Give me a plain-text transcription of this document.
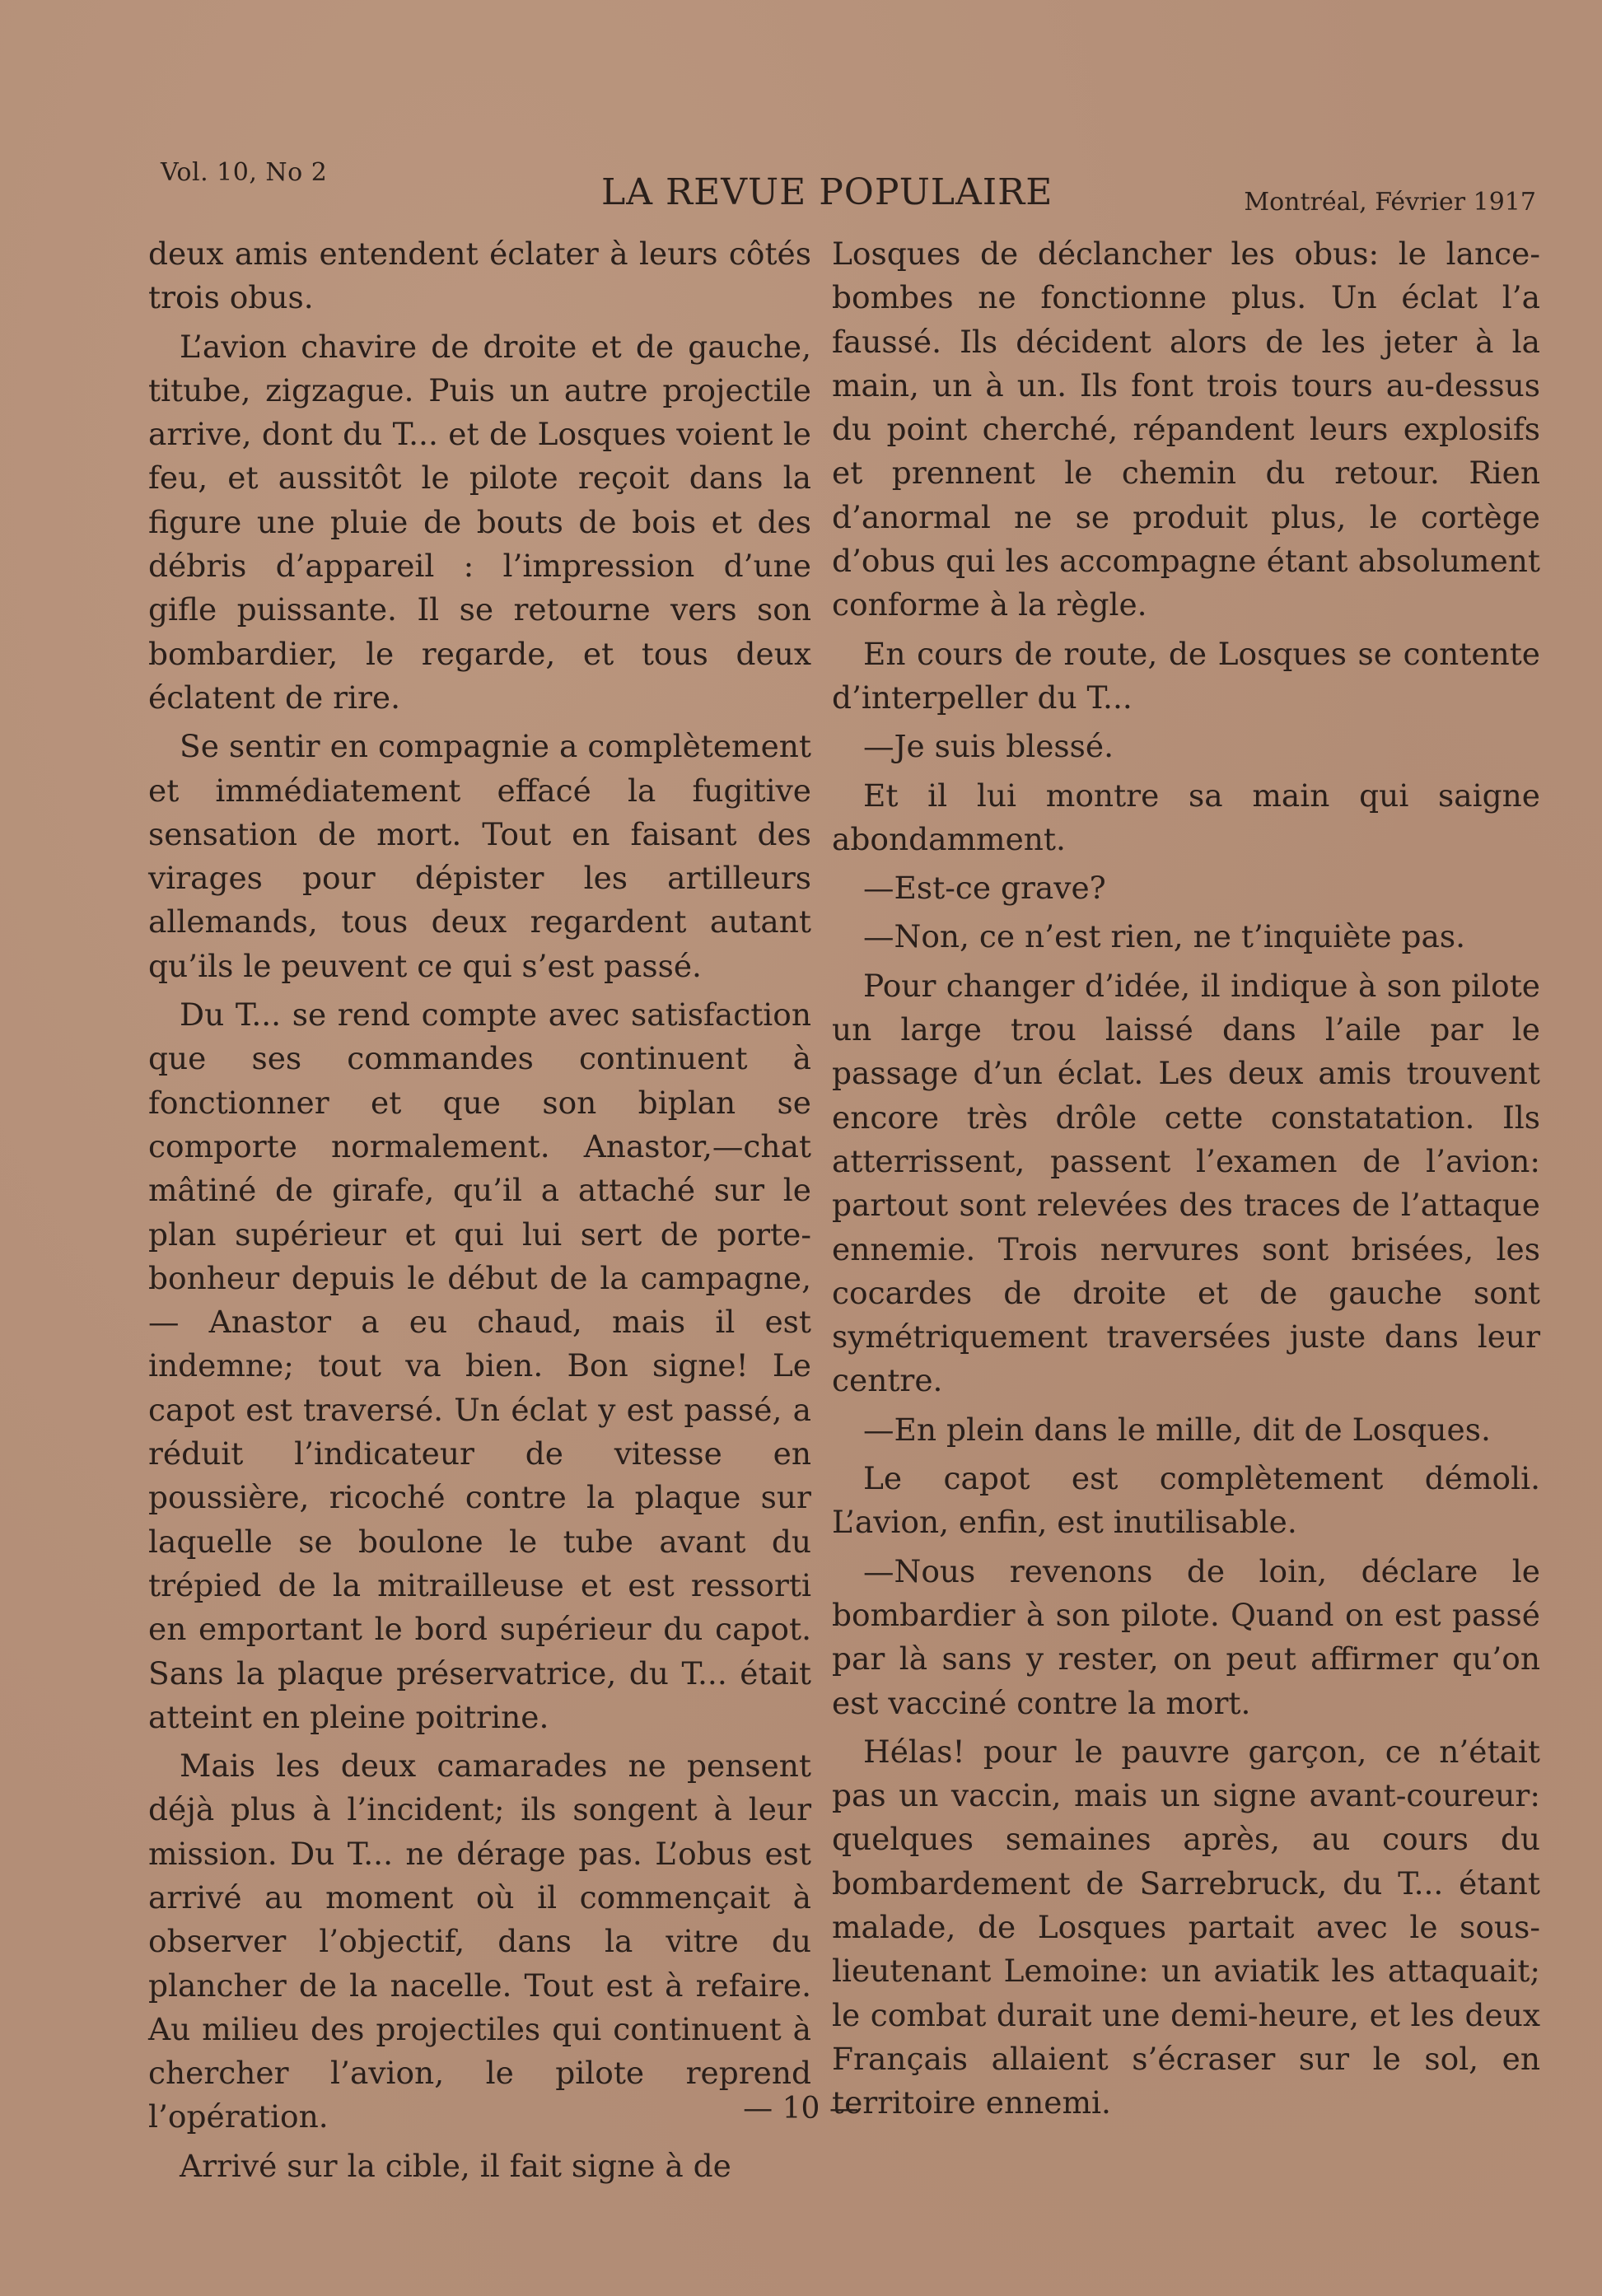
Vol. 10, No 2	LA REVUE POPULAIRE	Montréal, Février 1917

deux amis entendent éclater à leurs côtés trois obus.

L’avion chavire de droite et de gauche, titube, zigzague. Puis un autre projectile arrive, dont du T... et de Losques voient le feu, et aussitôt le pilote reçoit dans la figure une pluie de bouts de bois et des débris d’appareil : l’impression d’une gifle puissante. Il se retourne vers son bombardier, le regarde, et tous deux éclatent de rire.

Se sentir en compagnie a complètement et immédiatement effacé la fugitive sensation de mort. Tout en faisant des virages pour dépister les artilleurs allemands, tous deux regardent autant qu’ils le peuvent ce qui s’est passé.

Du T... se rend compte avec satisfaction que ses commandes continuent à fonctionner et que son biplan se comporte normalement. Anastor,—chat mâtiné de girafe, qu’il a attaché sur le plan supérieur et qui lui sert de porte-bonheur depuis le début de la campagne,— Anastor a eu chaud, mais il est indemne; tout va bien. Bon signe! Le capot est traversé. Un éclat y est passé, a réduit l’indicateur de vitesse en poussière, ricoché contre la plaque sur laquelle se boulone le tube avant du trépied de la mitrailleuse et est ressorti en emportant le bord supérieur du capot. Sans la plaque préservatrice, du T... était atteint en pleine poitrine.

Mais les deux camarades ne pensent déjà plus à l’incident; ils songent à leur mission. Du T... ne dérage pas. L’obus est arrivé au moment où il commençait à observer l’objectif, dans la vitre du plancher de la nacelle. Tout est à refaire. Au milieu des projectiles qui continuent à chercher l’avion, le pilote reprend l’opération.

Arrivé sur la cible, il fait signe à de

Losques de déclancher les obus: le lance-bombes ne fonctionne plus. Un éclat l’a faussé. Ils décident alors de les jeter à la main, un à un. Ils font trois tours au-dessus du point cherché, répandent leurs explosifs et prennent le chemin du retour. Rien d’anormal ne se produit plus, le cortège d’obus qui les accompagne étant absolument conforme à la règle.

En cours de route, de Losques se contente d’interpeller du T...

—Je suis blessé.

Et il lui montre sa main qui saigne abondamment.

—Est-ce grave?

—Non, ce n’est rien, ne t’inquiète pas.

Pour changer d’idée, il indique à son pilote un large trou laissé dans l’aile par le passage d’un éclat. Les deux amis trouvent encore très drôle cette constatation. Ils atterrissent, passent l’examen de l’avion: partout sont relevées des traces de l’attaque ennemie. Trois nervures sont brisées, les cocardes de droite et de gauche sont symétriquement traversées juste dans leur centre.

—En plein dans le mille, dit de Losques.

Le capot est complètement démoli. L’avion, enfin, est inutilisable.

—Nous revenons de loin, déclare le bombardier à son pilote. Quand on est passé par là sans y rester, on peut affirmer qu’on est vacciné contre la mort.

Hélas! pour le pauvre garçon, ce n’était pas un vaccin, mais un signe avant-coureur: quelques semaines après, au cours du bombardement de Sarrebruck, du T... étant malade, de Losques partait avec le sous-lieutenant Lemoine: un aviatik les attaquait; le combat durait une demi-heure, et les deux Français allaient s’écraser sur le sol, en territoire ennemi.

— 10 —
